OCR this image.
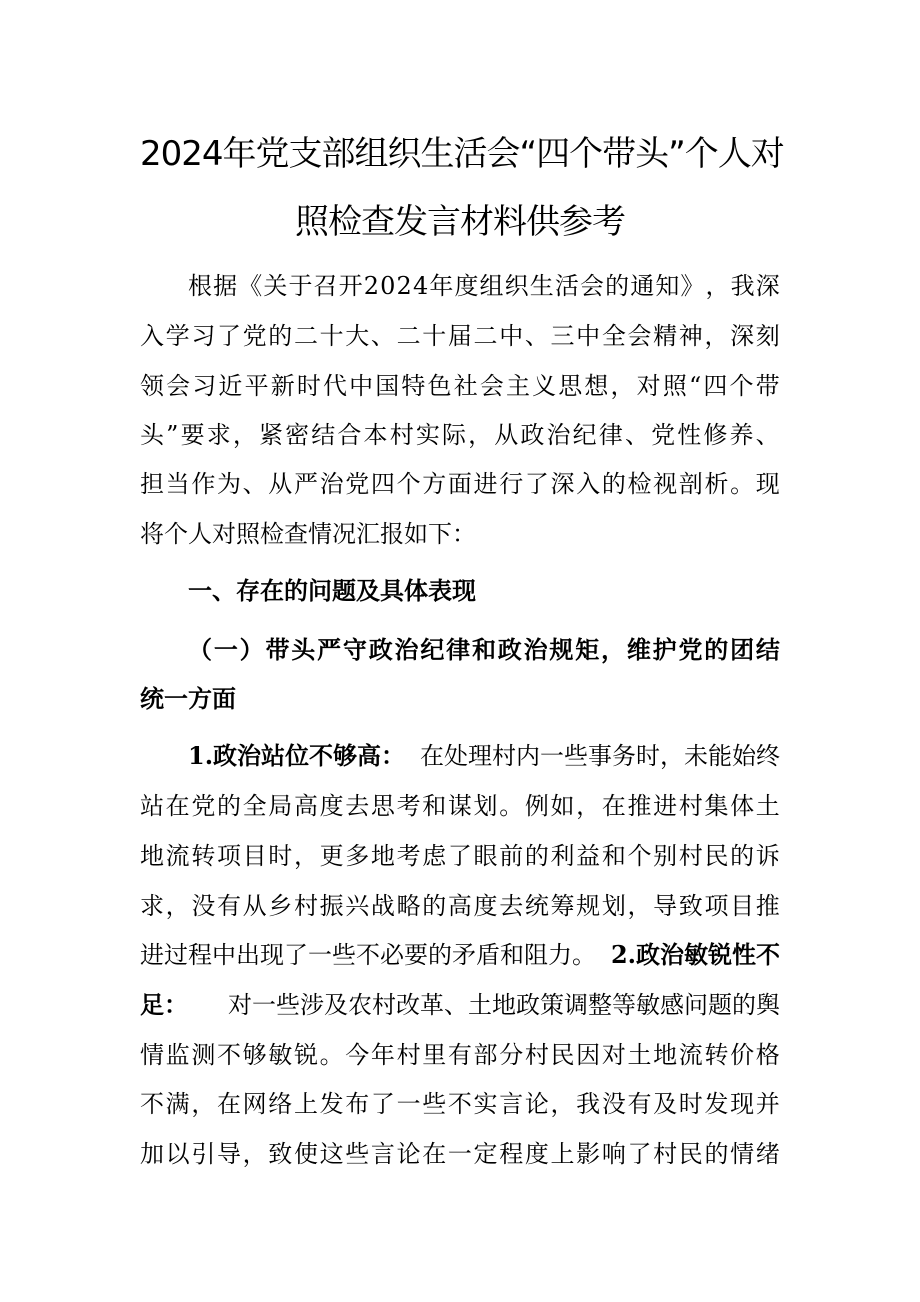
2024年党支部组织生活会“四个带头”个人对
照检查发言材料供参考
根 据 《 关 于 召 开 2 0 2 4 年 度 组 织 生 活 会 的 通 知 》 ， 我 深
入 学 习 了 党 的 二 十 大 、 二 十 届 二 中 、 三 中 全 会 精 神 ， 深 刻
领 会 习 近 平 新 时 代 中 国 特 色 社 会 主 义 思 想 ， 对 照 “ 四 个 带
头 ” 要 求 ， 紧 密 结 合 本 村 实 际 ， 从 政 治 纪 律 、 党 性 修 养 、
担 当 作 为 、 从 严 治 党 四 个 方 面 进 行 了 深 入 的 检 视 剖 析 。 现
将个人对照检查情况汇报如下：
一、存在的问题及具体表现
（ 一 ） 带 头 严 守 政 治 纪 律 和 政 治 规 矩 ， 维 护 党 的 团 结
统一方面
1.政治站位不够高： 在处理村内一些事务时，未能始终
站 在 党 的 全 局 高 度 去 思 考 和 谋 划 。 例 如 ， 在 推 进 村 集 体 土
地 流 转 项 目 时 ， 更 多 地 考 虑 了 眼 前 的 利 益 和 个 别 村 民 的 诉
求 ， 没 有 从 乡 村 振 兴 战 略 的 高 度 去 统 筹 规 划 ， 导 致 项 目 推
进过程中出现了一些不必要的矛盾和阻力。 2.政治敏锐性不
足： 对一些涉及农村改革、土地政策调整等敏感问题的舆
情 监 测 不 够 敏 锐 。 今 年 村 里 有 部 分 村 民 因 对 土 地 流 转 价 格
不 满 ， 在 网 络 上 发 布 了 一 些 不 实 言 论 ， 我 没 有 及 时 发 现 并
加 以 引 导 ， 致 使 这 些 言 论 在 一 定 程 度 上 影 响 了 村 民 的 情 绪
